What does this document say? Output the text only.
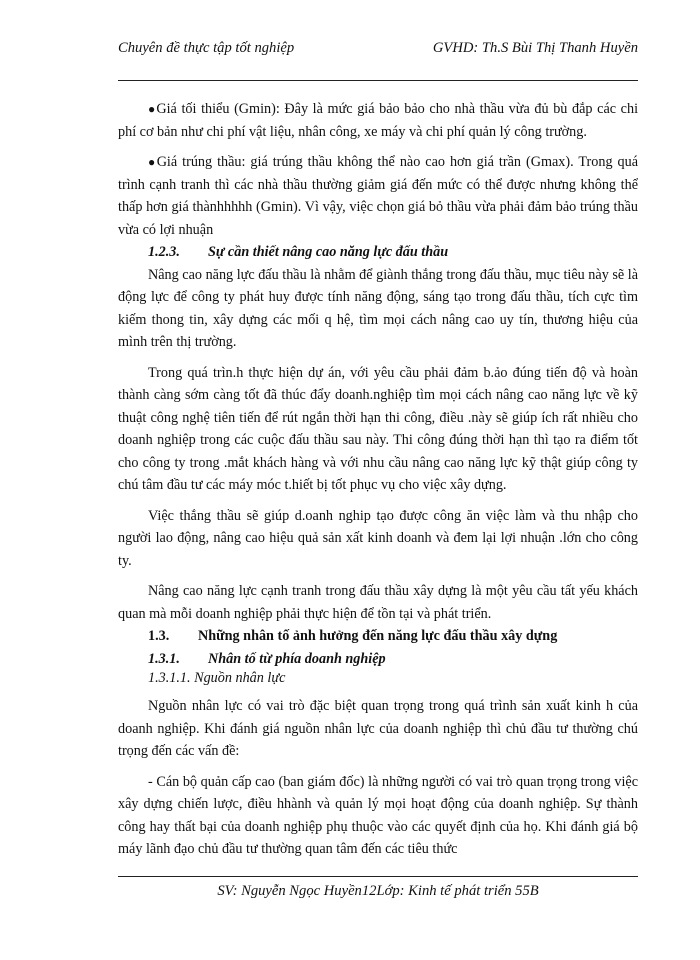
Chuyên đề thực tập tốt nghiệp	GVHD: Th.S Bùi Thị Thanh Huyền

●Giá tối thiểu (Gmin): Đây là mức giá bảo bảo cho nhà thầu vừa đủ bù đắp các chi phí cơ bản như chi phí vật liệu, nhân công, xe máy và chi phí quản lý công trường.

●Giá trúng thầu: giá trúng thầu không thể nào cao hơn giá trần (Gmax). Trong quá trình cạnh tranh thì các nhà thầu thường giảm giá đến mức có thể được nhưng không thể thấp hơn giá thànhhhhh (Gmin). Vì vậy, việc chọn giá bỏ thầu vừa phải đảm bảo trúng thầu vừa có lợi nhuận

1.2.3. Sự cần thiết nâng cao năng lực đấu thầu

Nâng cao năng lực đấu thầu là nhằm để giành thắng trong đấu thầu, mục tiêu này sẽ là động lực để công ty phát huy được tính năng động, sáng tạo trong đấu thầu, tích cực tìm kiếm thong tin, xây dựng các mối q hệ, tìm mọi cách nâng cao uy tín, thương hiệu của mình trên thị trường.

Trong quá trìn.h thực hiện dự án, với yêu cầu phải đảm b.ảo đúng tiến độ và hoàn thành càng sớm càng tốt đã thúc đẩy doanh.nghiệp tìm mọi cách nâng cao năng lực về kỹ thuật công nghệ tiên tiến để rút ngắn thời hạn thi công, điều .này sẽ giúp ích rất nhiều cho doanh nghiệp trong các cuộc đấu thầu sau này. Thi công đúng thời hạn thì tạo ra điểm tốt cho công ty trong .mắt khách hàng và với nhu cầu nâng cao năng lực kỹ thật giúp công ty chú tâm đầu tư các máy móc t.hiết bị tốt phục vụ cho việc xây dựng.

Việc thắng thầu sẽ giúp d.oanh nghip tạo được công ăn việc làm và thu nhập cho người lao động, nâng cao hiệu quả sản xất kinh doanh và đem lại lợi nhuận .lớn cho công ty.

Nâng cao năng lực cạnh tranh trong đấu thầu xây dựng là một yêu cầu tất yếu khách quan mà mỗi doanh nghiệp phải thực hiện để tồn tại và phát triển.

1.3. Những nhân tố ảnh hưởng đến năng lực đấu thầu xây dựng
1.3.1. Nhân tố từ phía doanh nghiệp
1.3.1.1. Nguồn nhân lực

Nguồn nhân lực có vai trò đặc biệt quan trọng trong quá trình sản xuất kinh h của doanh nghiệp. Khi đánh giá nguồn nhân lực của doanh nghiệp thì chủ đầu tư thường chú trọng đến các vấn đề:

- Cán bộ quản cấp cao (ban giám đốc) là những người có vai trò quan trọng trong việc xây dựng chiến lược, điều hhành và quản lý mọi hoạt động của doanh nghiệp. Sự thành công hay thất bại của doanh nghiệp phụ thuộc vào các quyết định của họ. Khi đánh giá bộ máy lãnh đạo chủ đầu tư thường quan tâm đến các tiêu thức

SV: Nguyễn Ngọc Huyền12Lớp: Kinh tế phát triển 55B
